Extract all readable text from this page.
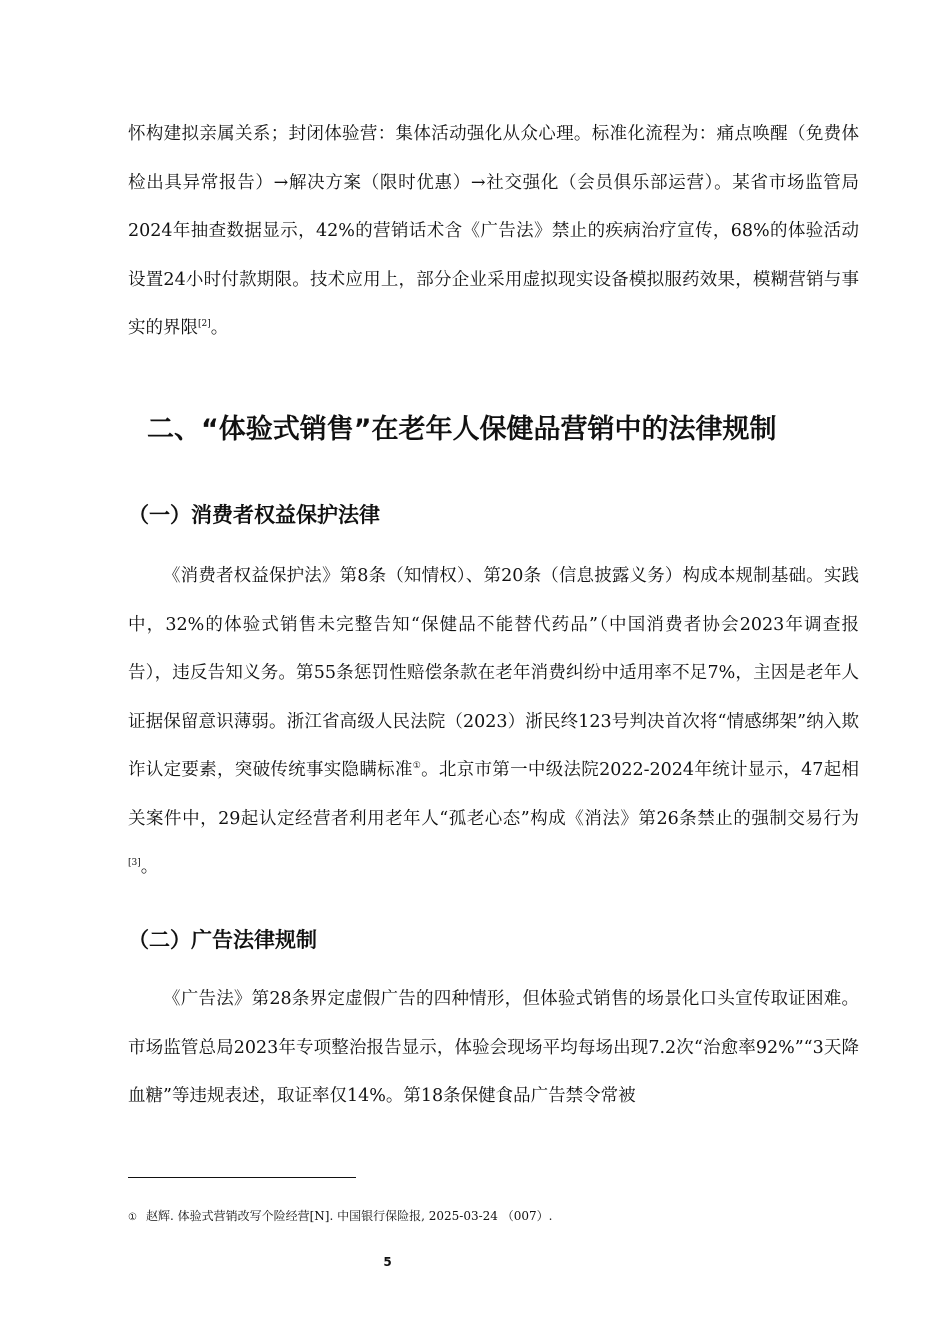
怀构建拟亲属关系；封闭体验营：集体活动强化从众心理。标准化流程为：痛点唤醒（免费体检出具异常报告）→解决方案（限时优惠）→社交强化（会员俱乐部运营）。某省市场监管局2024年抽查数据显示，42%的营销话术含《广告法》禁止的疾病治疗宣传，68%的体验活动设置24小时付款期限。技术应用上，部分企业采用虚拟现实设备模拟服药效果，模糊营销与事实的界限[2]。

二、“体验式销售”在老年人保健品营销中的法律规制
（一）消费者权益保护法律

《消费者权益保护法》第8条（知情权）、第20条（信息披露义务）构成本规制基础。实践中，32%的体验式销售未完整告知“保健品不能替代药品”（中国消费者协会2023年调查报告），违反告知义务。第55条惩罚性赔偿条款在老年消费纠纷中适用率不足7%，主因是老年人证据保留意识薄弱。浙江省高级人民法院（2023）浙民终123号判决首次将“情感绑架”纳入欺诈认定要素，突破传统事实隐瞒标准①。北京市第一中级法院2022-2024年统计显示，47起相关案件中，29起认定经营者利用老年人“孤老心态”构成《消法》第26条禁止的强制交易行为[3]。

（二）广告法律规制

《广告法》第28条界定虚假广告的四种情形，但体验式销售的场景化口头宣传取证困难。市场监管总局2023年专项整治报告显示，体验会现场平均每场出现7.2次“治愈率92%”“3天降血糖”等违规表述，取证率仅14%。第18条保健食品广告禁令常被

① 赵辉. 体验式营销改写个险经营[N]. 中国银行保险报, 2025-03-24 （007）.

5
